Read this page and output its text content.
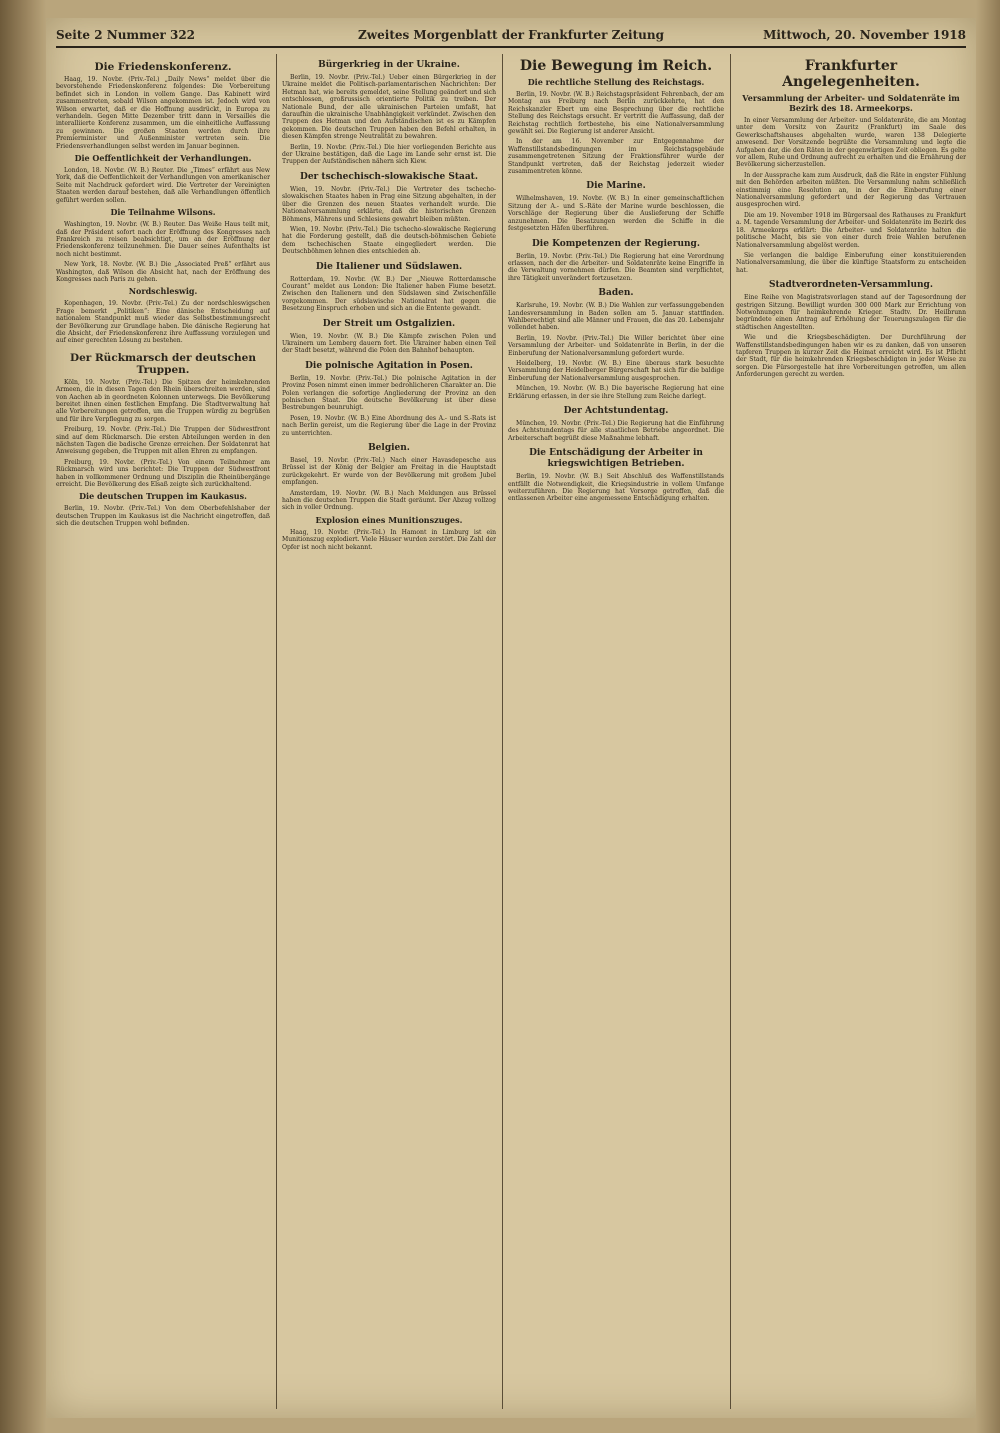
Seite 2 Nummer 322	Zweites Morgenblatt der Frankfurter Zeitung	Mittwoch, 20. November 1918
Die Friedenskonferenz.

Haag, 19. Novbr. (Priv.-Tel.) „Daily News“ meldet über die bevorstehende Friedenskonferenz folgendes: Die Vorbereitung befindet sich in London in vollem Gange. Das Kabinett wird zusammentreten, sobald Wilson angekommen ist. Jedoch wird von Wilson erwartet, daß er die Hoffnung ausdrückt, in Europa zu verhandeln. Gegen Mitte Dezember tritt dann in Versailles die interalliierte Konferenz zusammen, um die einheitliche Auffassung zu gewinnen. Die großen Staaten werden durch ihre Premierminister und Außenminister vertreten sein. Die Friedensverhandlungen selbst werden im Januar beginnen.

Die Oeffentlichkeit der Verhandlungen.

London, 18. Novbr. (W. B.) Reuter. Die „Times“ erfährt aus New York, daß die Oeffentlichkeit der Verhandlungen von amerikanischer Seite mit Nachdruck gefordert wird. Die Vertreter der Vereinigten Staaten werden darauf bestehen, daß alle Verhandlungen öffentlich geführt werden sollen.

Die Teilnahme Wilsons.

Washington, 19. Novbr. (W. B.) Reuter. Das Weiße Haus teilt mit, daß der Präsident sofort nach der Eröffnung des Kongresses nach Frankreich zu reisen beabsichtigt, um an der Eröffnung der Friedenskonferenz teilzunehmen. Die Dauer seines Aufenthalts ist noch nicht bestimmt.

New York, 18. Novbr. (W. B.) Die „Associated Preß“ erfährt aus Washington, daß Wilson die Absicht hat, nach der Eröffnung des Kongresses nach Paris zu gehen.

Nordschleswig.

Kopenhagen, 19. Novbr. (Priv.-Tel.) Zu der nordschleswigschen Frage bemerkt „Politiken“: Eine dänische Entscheidung auf nationalem Standpunkt muß wieder das Selbstbestimmungsrecht der Bevölkerung zur Grundlage haben. Die dänische Regierung hat die Absicht, der Friedenskonferenz ihre Auffassung vorzulegen und auf einer gerechten Lösung zu bestehen.

Der Rückmarsch der deutschen Truppen.

Köln, 19. Novbr. (Priv.-Tel.) Die Spitzen der heimkehrenden Armeen, die in diesen Tagen den Rhein überschreiten werden, sind von Aachen ab in geordneten Kolonnen unterwegs. Die Bevölkerung bereitet ihnen einen festlichen Empfang. Die Stadtverwaltung hat alle Vorbereitungen getroffen, um die Truppen würdig zu begrüßen und für ihre Verpflegung zu sorgen.

Freiburg, 19. Novbr. (Priv.-Tel.) Die Truppen der Südwestfront sind auf dem Rückmarsch. Die ersten Abteilungen werden in den nächsten Tagen die badische Grenze erreichen. Der Soldatenrat hat Anweisung gegeben, die Truppen mit allen Ehren zu empfangen.

Freiburg, 19. Novbr. (Priv.-Tel.) Von einem Teilnehmer am Rückmarsch wird uns berichtet: Die Truppen der Südwestfront haben in vollkommener Ordnung und Disziplin die Rheinübergänge erreicht. Die Bevölkerung des Elsaß zeigte sich zurückhaltend.

Die deutschen Truppen im Kaukasus.

Berlin, 19. Novbr. (Priv.-Tel.) Von dem Oberbefehlshaber der deutschen Truppen im Kaukasus ist die Nachricht eingetroffen, daß sich die deutschen Truppen wohl befinden.

Bürgerkrieg in der Ukraine.

Berlin, 19. Novbr. (Priv.-Tel.) Ueber einen Bürgerkrieg in der Ukraine meldet die Politisch-parlamentarischen Nachrichten: Der Hetman hat, wie bereits gemeldet, seine Stellung geändert und sich entschlossen, großrussisch orientierte Politik zu treiben. Der Nationale Bund, der alle ukrainischen Parteien umfaßt, hat daraufhin die ukrainische Unabhängigkeit verkündet. Zwischen den Truppen des Hetman und den Aufständischen ist es zu Kämpfen gekommen. Die deutschen Truppen haben den Befehl erhalten, in diesen Kämpfen strenge Neutralität zu bewahren.

Berlin, 19. Novbr. (Priv.-Tel.) Die hier vorliegenden Berichte aus der Ukraine bestätigen, daß die Lage im Lande sehr ernst ist. Die Truppen der Aufständischen nähern sich Kiew.

Der tschechisch-slowakische Staat.

Wien, 19. Novbr. (Priv.-Tel.) Die Vertreter des tschecho-slowakischen Staates haben in Prag eine Sitzung abgehalten, in der über die Grenzen des neuen Staates verhandelt wurde. Die Nationalversammlung erklärte, daß die historischen Grenzen Böhmens, Mährens und Schlesiens gewahrt bleiben müßten.

Wien, 19. Novbr. (Priv.-Tel.) Die tschecho-slowakische Regierung hat die Forderung gestellt, daß die deutsch-böhmischen Gebiete dem tschechischen Staate eingegliedert werden. Die Deutschböhmen lehnen dies entschieden ab.

Die Italiener und Südslawen.

Rotterdam, 19. Novbr. (W. B.) Der „Nieuwe Rotterdamsche Courant“ meldet aus London: Die Italiener haben Fiume besetzt. Zwischen den Italienern und den Südslawen sind Zwischenfälle vorgekommen. Der südslawische Nationalrat hat gegen die Besetzung Einspruch erhoben und sich an die Entente gewandt.

Der Streit um Ostgalizien.

Wien, 19. Novbr. (W. B.) Die Kämpfe zwischen Polen und Ukrainern um Lemberg dauern fort. Die Ukrainer haben einen Teil der Stadt besetzt, während die Polen den Bahnhof behaupten.

Die polnische Agitation in Posen.

Berlin, 19. Novbr. (Priv.-Tel.) Die polnische Agitation in der Provinz Posen nimmt einen immer bedrohlicheren Charakter an. Die Polen verlangen die sofortige Angliederung der Provinz an den polnischen Staat. Die deutsche Bevölkerung ist über diese Bestrebungen beunruhigt.

Posen, 19. Novbr. (W. B.) Eine Abordnung des A.- und S.-Rats ist nach Berlin gereist, um die Regierung über die Lage in der Provinz zu unterrichten.

Belgien.

Basel, 19. Novbr. (Priv.-Tel.) Nach einer Havasdepesche aus Brüssel ist der König der Belgier am Freitag in die Hauptstadt zurückgekehrt. Er wurde von der Bevölkerung mit großem Jubel empfangen.

Amsterdam, 19. Novbr. (W. B.) Nach Meldungen aus Brüssel haben die deutschen Truppen die Stadt geräumt. Der Abzug vollzog sich in voller Ordnung.

Explosion eines Munitionszuges.

Haag, 19. Novbr. (Priv.-Tel.) In Hamont in Limburg ist ein Munitionszug explodiert. Viele Häuser wurden zerstört. Die Zahl der Opfer ist noch nicht bekannt.

Die Bewegung im Reich.
Die rechtliche Stellung des Reichstags.

Berlin, 19. Novbr. (W. B.) Reichstagspräsident Fehrenbach, der am Montag aus Freiburg nach Berlin zurückkehrte, hat den Reichskanzler Ebert um eine Besprechung über die rechtliche Stellung des Reichstags ersucht. Er vertritt die Auffassung, daß der Reichstag rechtlich fortbestehe, bis eine Nationalversammlung gewählt sei. Die Regierung ist anderer Ansicht.

In der am 16. November zur Entgegennahme der Waffenstillstandsbedingungen im Reichstagsgebäude zusammengetretenen Sitzung der Fraktionsführer wurde der Standpunkt vertreten, daß der Reichstag jederzeit wieder zusammentreten könne.

Die Marine.

Wilhelmshaven, 19. Novbr. (W. B.) In einer gemeinschaftlichen Sitzung der A.- und S.-Räte der Marine wurde beschlossen, die Vorschläge der Regierung über die Auslieferung der Schiffe anzunehmen. Die Besatzungen werden die Schiffe in die festgesetzten Häfen überführen.

Die Kompetenzen der Regierung.

Berlin, 19. Novbr. (Priv.-Tel.) Die Regierung hat eine Verordnung erlassen, nach der die Arbeiter- und Soldatenräte keine Eingriffe in die Verwaltung vornehmen dürfen. Die Beamten sind verpflichtet, ihre Tätigkeit unverändert fortzusetzen.

Baden.

Karlsruhe, 19. Novbr. (W. B.) Die Wahlen zur verfassunggebenden Landesversammlung in Baden sollen am 5. Januar stattfinden. Wahlberechtigt sind alle Männer und Frauen, die das 20. Lebensjahr vollendet haben.

Berlin, 19. Novbr. (Priv.-Tel.) Die Willer berichtet über eine Versammlung der Arbeiter- und Soldatenräte in Berlin, in der die Einberufung der Nationalversammlung gefordert wurde.

Heidelberg, 19. Novbr. (W. B.) Eine überaus stark besuchte Versammlung der Heidelberger Bürgerschaft hat sich für die baldige Einberufung der Nationalversammlung ausgesprochen.

München, 19. Novbr. (W. B.) Die bayerische Regierung hat eine Erklärung erlassen, in der sie ihre Stellung zum Reiche darlegt.

Der Achtstundentag.

München, 19. Novbr. (Priv.-Tel.) Die Regierung hat die Einführung des Achtstundentags für alle staatlichen Betriebe angeordnet. Die Arbeiterschaft begrüßt diese Maßnahme lebhaft.

Die Entschädigung der Arbeiter in kriegswichtigen Betrieben.

Berlin, 19. Novbr. (W. B.) Seit Abschluß des Waffenstillstands entfällt die Notwendigkeit, die Kriegsindustrie in vollem Umfange weiterzuführen. Die Regierung hat Vorsorge getroffen, daß die entlassenen Arbeiter eine angemessene Entschädigung erhalten.

Frankfurter Angelegenheiten.
Versammlung der Arbeiter- und Soldatenräte im Bezirk des 18. Armeekorps.

In einer Versammlung der Arbeiter- und Soldatenräte, die am Montag unter dem Vorsitz von Zauritz (Frankfurt) im Saale des Gewerkschaftshauses abgehalten wurde, waren 138 Delegierte anwesend. Der Vorsitzende begrüßte die Versammlung und legte die Aufgaben dar, die den Räten in der gegenwärtigen Zeit obliegen. Es gelte vor allem, Ruhe und Ordnung aufrecht zu erhalten und die Ernährung der Bevölkerung sicherzustellen.

In der Aussprache kam zum Ausdruck, daß die Räte in engster Fühlung mit den Behörden arbeiten müßten. Die Versammlung nahm schließlich einstimmig eine Resolution an, in der die Einberufung einer Nationalversammlung gefordert und der Regierung das Vertrauen ausgesprochen wird.

Die am 19. November 1918 im Bürgersaal des Rathauses zu Frankfurt a. M. tagende Versammlung der Arbeiter- und Soldatenräte im Bezirk des 18. Armeekorps erklärt: Die Arbeiter- und Soldatenräte halten die politische Macht, bis sie von einer durch freie Wahlen berufenen Nationalversammlung abgelöst werden.

Sie verlangen die baldige Einberufung einer konstituierenden Nationalversammlung, die über die künftige Staatsform zu entscheiden hat.

Stadtverordneten-Versammlung.

Eine Reihe von Magistratsvorlagen stand auf der Tagesordnung der gestrigen Sitzung. Bewilligt wurden 300 000 Mark zur Errichtung von Notwohnungen für heimkehrende Krieger. Stadtv. Dr. Heilbrunn begründete einen Antrag auf Erhöhung der Teuerungszulagen für die städtischen Angestellten.

Wie und die Kriegsbeschädigten. Der Durchführung der Waffenstillstandsbedingungen haben wir es zu danken, daß von unseren tapferen Truppen in kurzer Zeit die Heimat erreicht wird. Es ist Pflicht der Stadt, für die heimkehrenden Kriegsbeschädigten in jeder Weise zu sorgen. Die Fürsorgestelle hat ihre Vorbereitungen getroffen, um allen Anforderungen gerecht zu werden.
